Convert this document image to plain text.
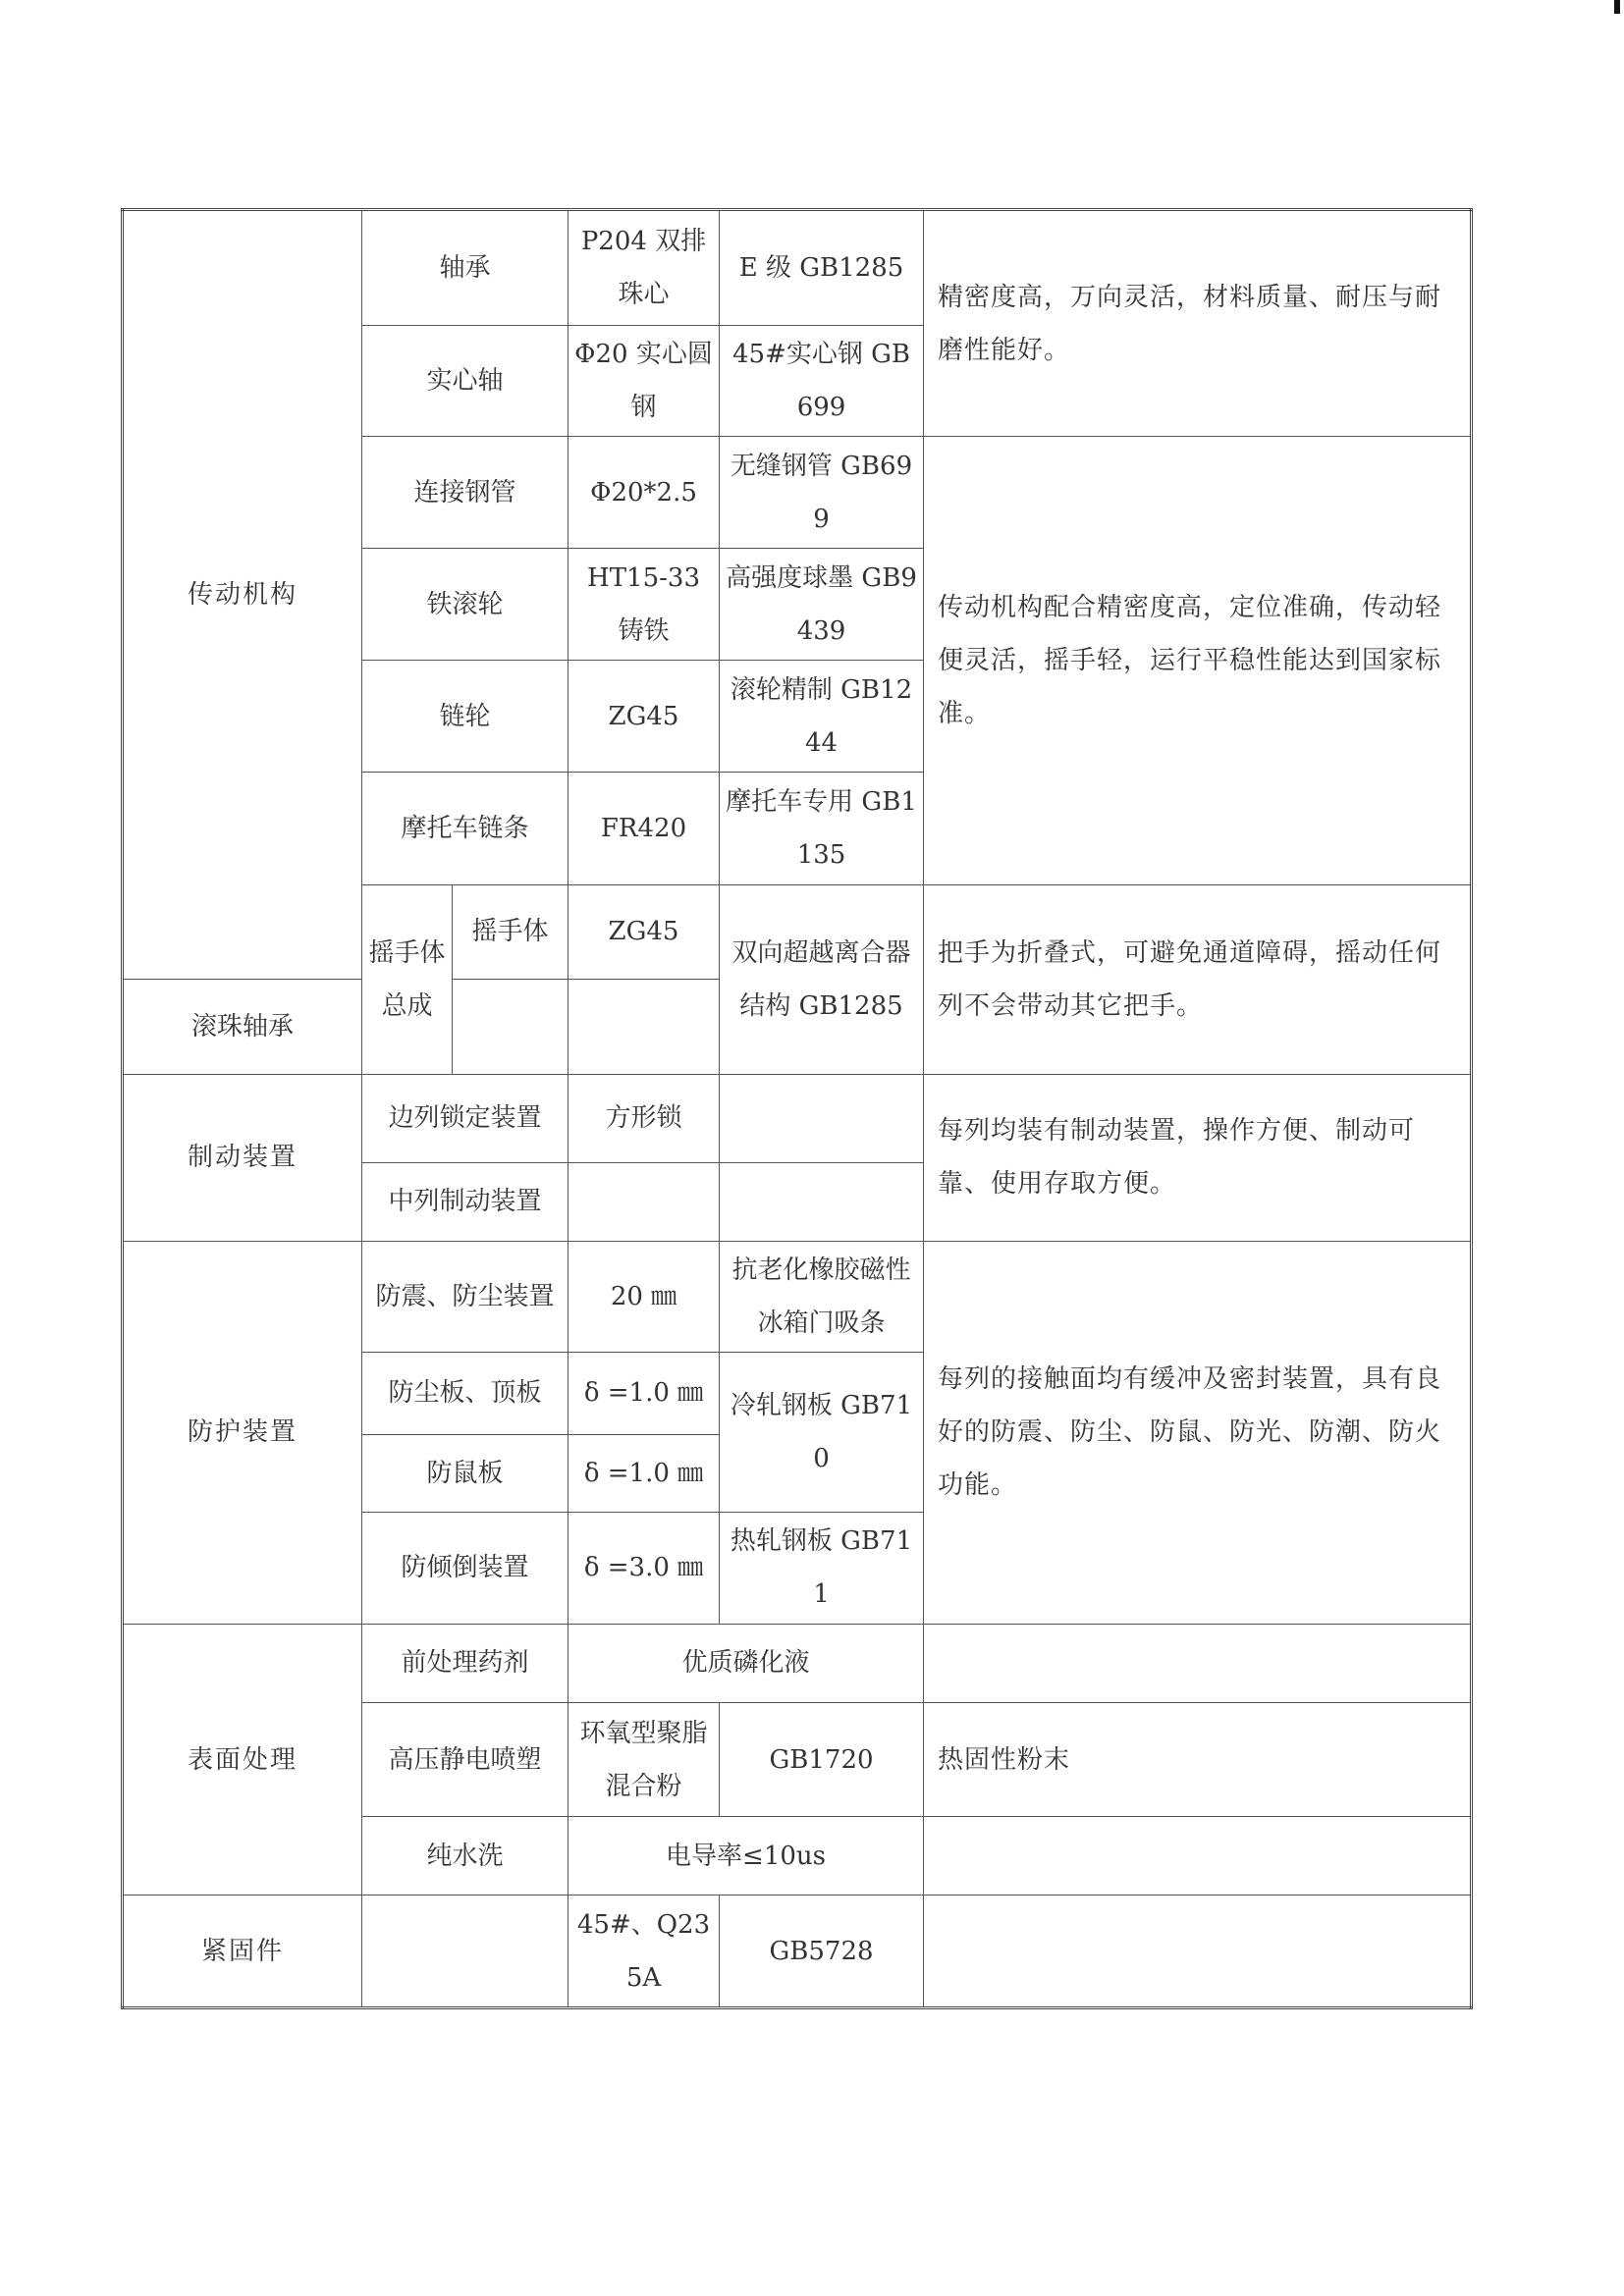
传动机构	轴承		P204 双排珠心	E 级 GB1285	精密度高，万向灵活，材料质量、耐压与耐磨性能好。
	实心轴		Φ20 实心圆钢	45#实心钢 GB699	
	连接钢管		Φ20*2.5	无缝钢管 GB699	传动机构配合精密度高，定位准确，传动轻便灵活，摇手轻，运行平稳性能达到国家标准。
	铁滚轮		HT15-33 铸铁	高强度球墨 GB9439	
	链轮		ZG45	滚轮精制 GB1244	
	摩托车链条		FR420	摩托车专用 GB1135	
	摇手体总成	摇手体	ZG45	双向超越离合器结构 GB1285	把手为折叠式，可避免通道障碍，摇动任何列不会带动其它把手。
滚珠轴承					
制动装置	边列锁定装置		方形锁		每列均装有制动装置，操作方便、制动可靠、使用存取方便。
	中列制动装置				
防护装置	防震、防尘装置		20 ㎜	抗老化橡胶磁性冰箱门吸条	每列的接触面均有缓冲及密封装置，具有良好的防震、防尘、防鼠、防光、防潮、防火功能。
	防尘板、顶板		δ =1.0 ㎜	冷轧钢板 GB710	
	防鼠板		δ =1.0 ㎜		
	防倾倒装置		δ =3.0 ㎜	热轧钢板 GB711	
表面处理	前处理药剂		优质磷化液		
	高压静电喷塑		环氧型聚脂混合粉	GB1720	热固性粉末
	纯水洗		电导率≤10us		
紧固件			45#、Q235A	GB5728	
